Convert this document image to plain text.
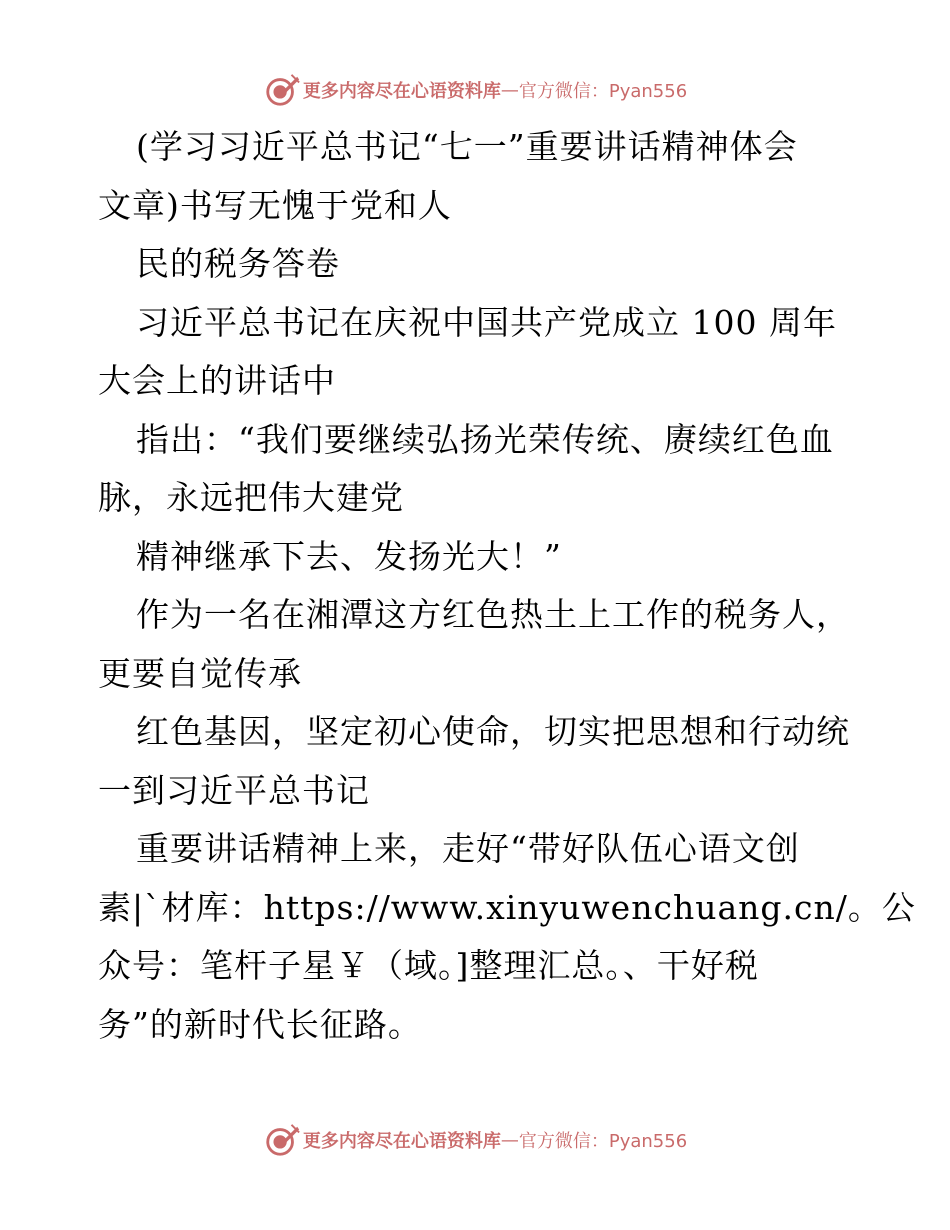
更多内容尽在心语资料库 — 官方微信：Pyan556
(学习习近平总书记“七一”重要讲话精神体会
文章)书写无愧于党和人
民的税务答卷
习近平总书记在庆祝中国共产党成立 100 周年
大会上的讲话中
指出：“我们要继续弘扬光荣传统、赓续红色血
脉，永远把伟大建党
精神继承下去、发扬光大！”
作为一名在湘潭这方红色热土上工作的税务人，
更要自觉传承
红色基因，坚定初心使命，切实把思想和行动统
一到习近平总书记
重要讲话精神上来，走好“带好队伍心语文创
素|`材库：https://www.xinyuwenchuang.cn/。公
众号：笔杆子星￥（域。]整理汇总。、干好税
务”的新时代长征路。
更多内容尽在心语资料库 — 官方微信：Pyan556
